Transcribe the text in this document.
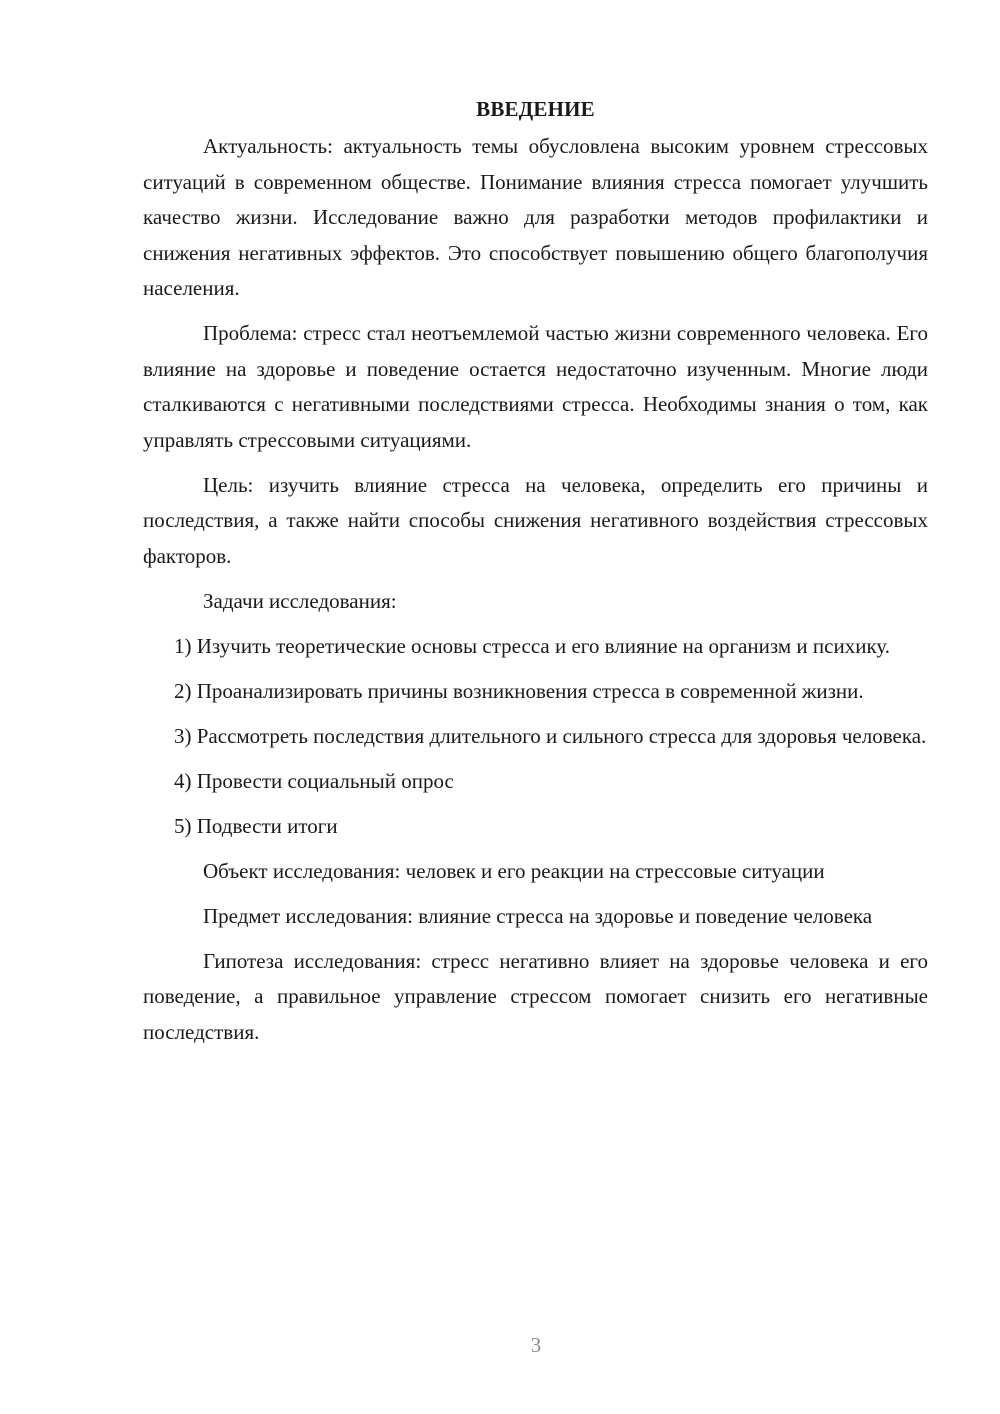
ВВЕДЕНИЕ

Актуальность: актуальность темы обусловлена высоким уровнем стрессовых ситуаций в современном обществе. Понимание влияния стресса помогает улучшить качество жизни. Исследование важно для разработки методов профилактики и снижения негативных эффектов. Это способствует повышению общего благополучия населения.

Проблема: стресс стал неотъемлемой частью жизни современного человека. Его влияние на здоровье и поведение остается недостаточно изученным. Многие люди сталкиваются с негативными последствиями стресса. Необходимы знания о том, как управлять стрессовыми ситуациями.

Цель: изучить влияние стресса на человека, определить его причины и последствия, а также найти способы снижения негативного воздействия стрессовых факторов.

Задачи исследования:

1) Изучить теоретические основы стресса и его влияние на организм и психику.

2) Проанализировать причины возникновения стресса в современной жизни.

3) Рассмотреть последствия длительного и сильного стресса для здоровья человека.

4) Провести социальный опрос

5) Подвести итоги

Объект исследования: человек и его реакции на стрессовые ситуации

Предмет исследования: влияние стресса на здоровье и поведение человека

Гипотеза исследования: стресс негативно влияет на здоровье человека и его поведение, а правильное управление стрессом помогает снизить его негативные последствия.

3
